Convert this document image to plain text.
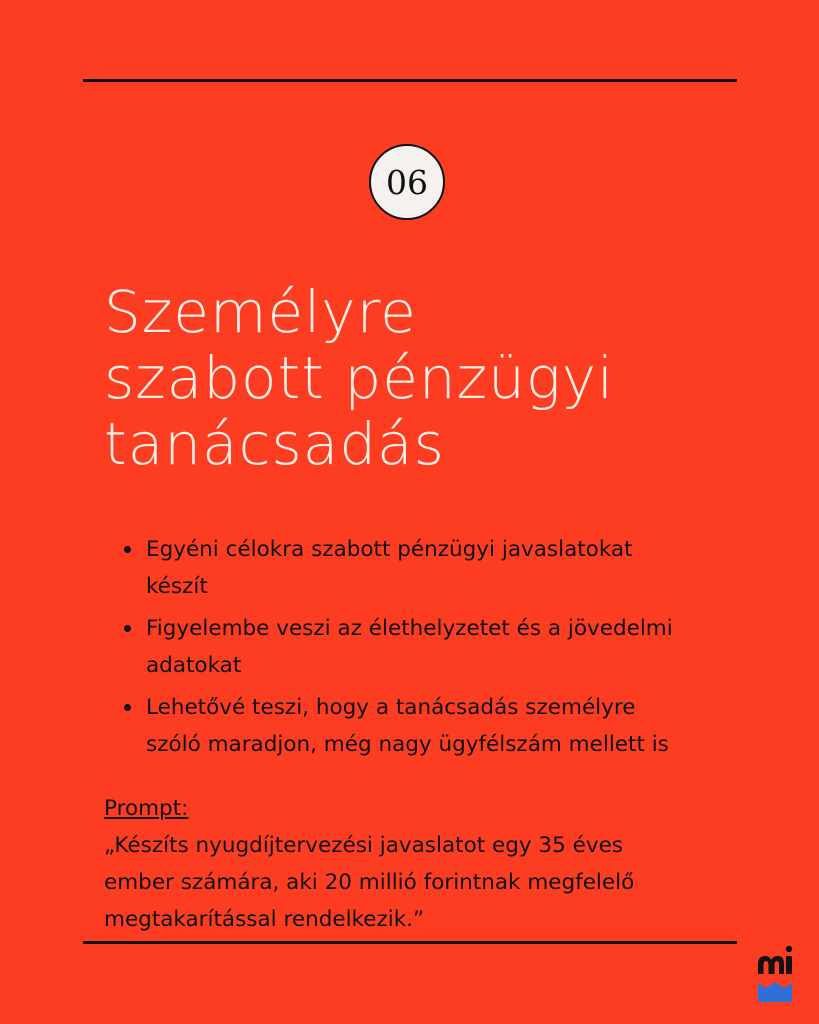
06
Személyre
szabott pénzügyi
tanácsadás
Egyéni célokra szabott pénzügyi javaslatokat
készít
Figyelembe veszi az élethelyzetet és a jövedelmi
adatokat
Lehetővé teszi, hogy a tanácsadás személyre
szóló maradjon, még nagy ügyfélszám mellett is
Prompt:
„Készíts nyugdíjtervezési javaslatot egy 35 éves
ember számára, aki 20 millió forintnak megfelelő
megtakarítással rendelkezik.”
